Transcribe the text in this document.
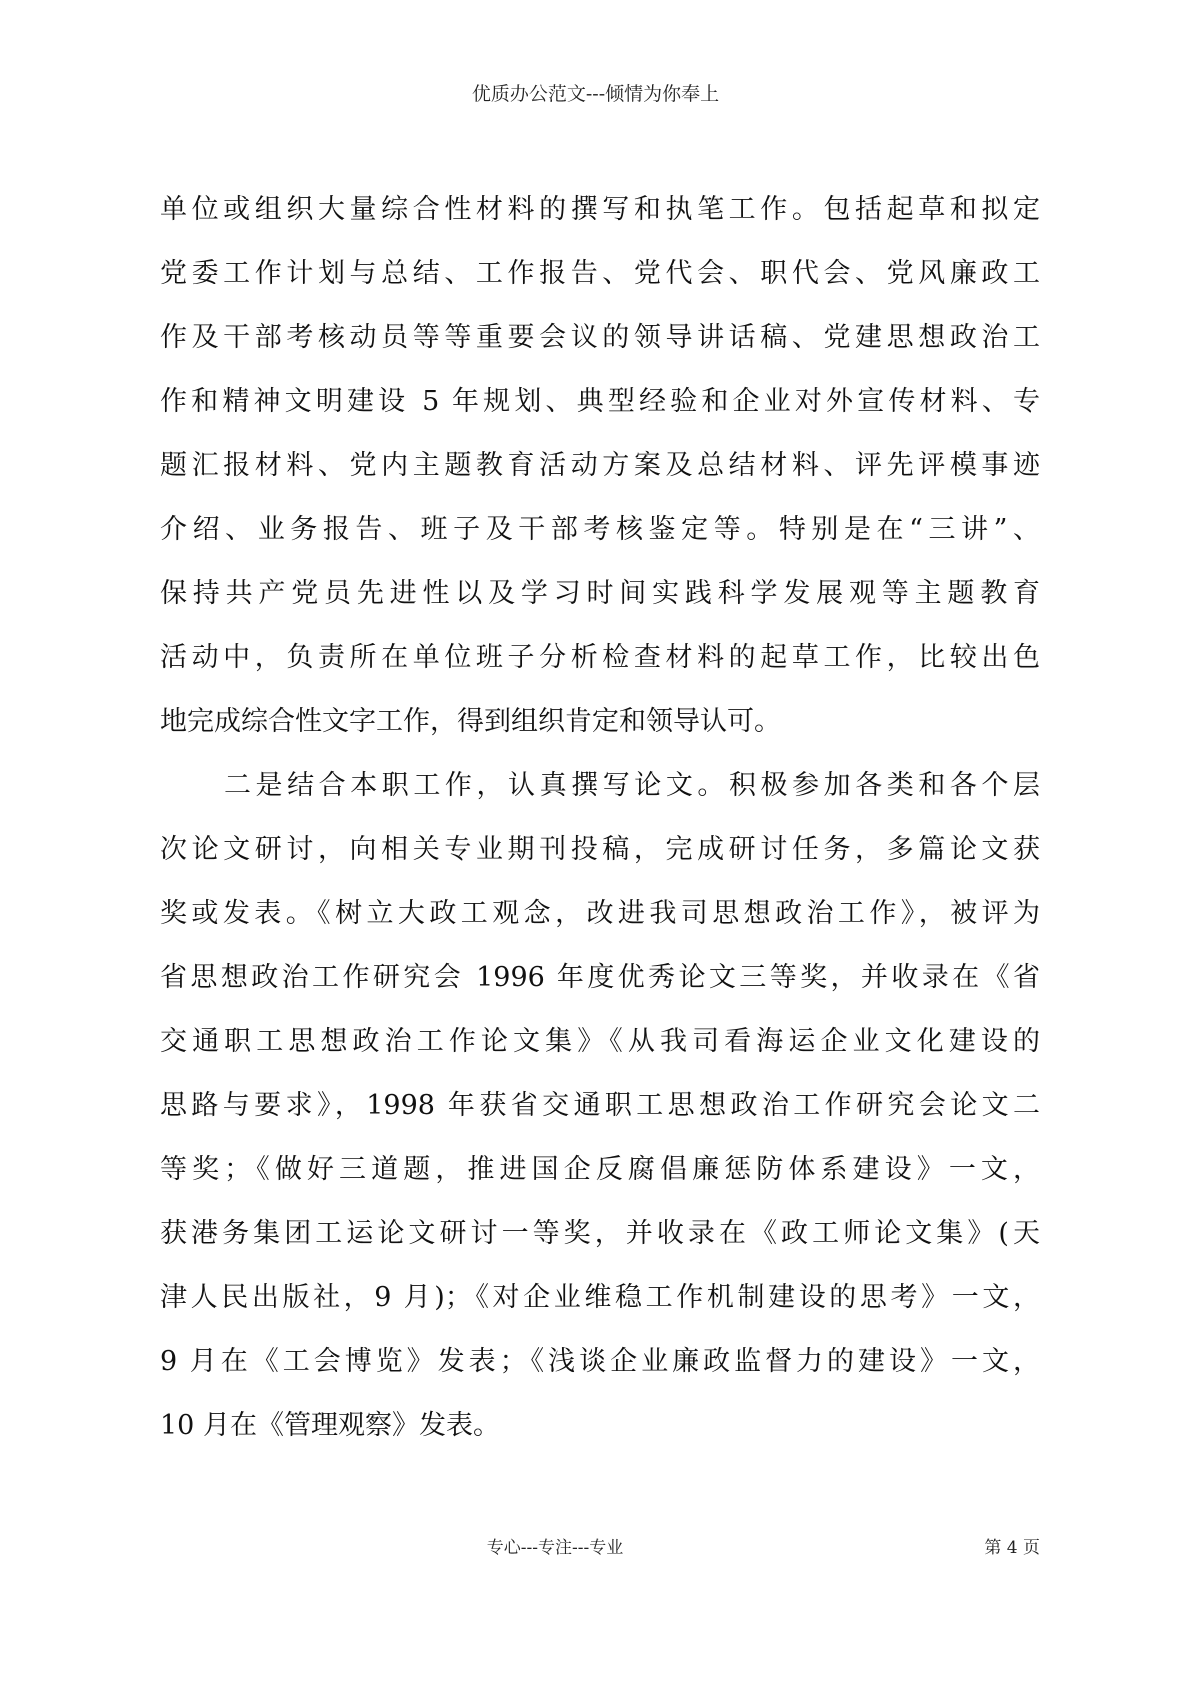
优质办公范文---倾情为你奉上
单位或组织大量综合性材料的撰写和执笔工作。包括起草和拟定
党委工作计划与总结、工作报告、党代会、职代会、党风廉政工
作及干部考核动员等等重要会议的领导讲话稿、党建思想政治工
作和精神文明建设 5 年规划、典型经验和企业对外宣传材料、专
题汇报材料、党内主题教育活动方案及总结材料、评先评模事迹
介绍、业务报告、班子及干部考核鉴定等。特别是在“三讲”、
保持共产党员先进性以及学习时间实践科学发展观等主题教育
活动中，负责所在单位班子分析检查材料的起草工作，比较出色
地完成综合性文字工作，得到组织肯定和领导认可。
二是结合本职工作，认真撰写论文。积极参加各类和各个层
次论文研讨，向相关专业期刊投稿，完成研讨任务，多篇论文获
奖或发表。《树立大政工观念，改进我司思想政治工作》，被评为
省思想政治工作研究会 1996 年度优秀论文三等奖，并收录在《省
交通职工思想政治工作论文集》《从我司看海运企业文化建设的
思路与要求》，1998 年获省交通职工思想政治工作研究会论文二
等奖；《做好三道题，推进国企反腐倡廉惩防体系建设》一文，
获港务集团工运论文研讨一等奖，并收录在《政工师论文集》(天
津人民出版社，9 月)；《对企业维稳工作机制建设的思考》一文，
9 月在《工会博览》发表；《浅谈企业廉政监督力的建设》一文，
10 月在《管理观察》发表。
专心---专注---专业	第 4 页
